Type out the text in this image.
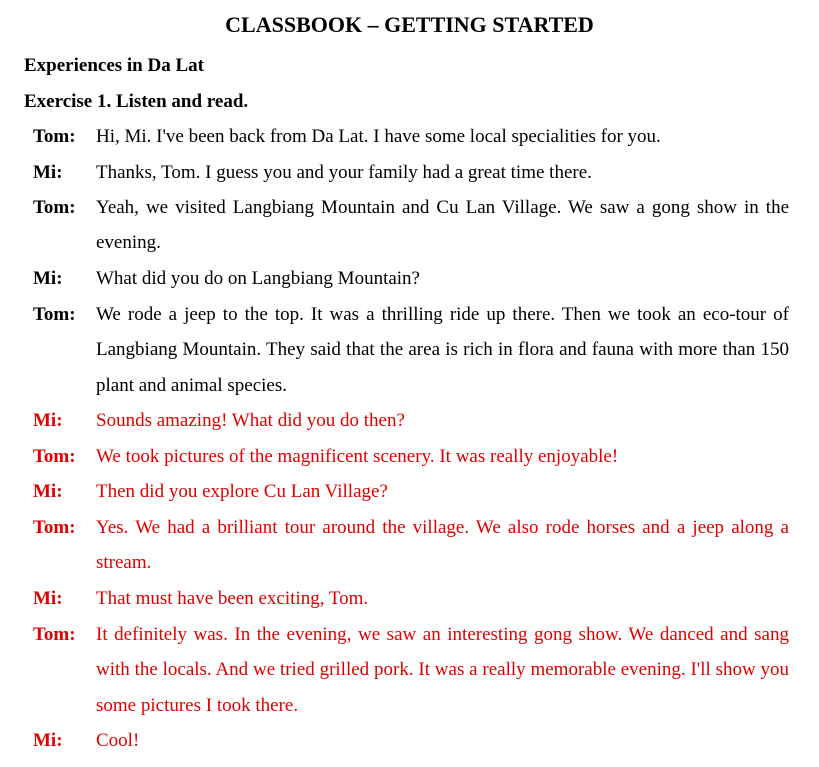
CLASSBOOK – GETTING STARTED
Experiences in Da Lat
Exercise 1. Listen and read.
Tom: Hi, Mi. I've been back from Da Lat. I have some local specialities for you.
Mi: Thanks, Tom. I guess you and your family had a great time there.
Tom: Yeah, we visited Langbiang Mountain and Cu Lan Village. We saw a gong show in the evening.
Mi: What did you do on Langbiang Mountain?
Tom: We rode a jeep to the top. It was a thrilling ride up there. Then we took an eco-tour of Langbiang Mountain. They said that the area is rich in flora and fauna with more than 150 plant and animal species.
Mi: Sounds amazing! What did you do then?
Tom: We took pictures of the magnificent scenery. It was really enjoyable!
Mi: Then did you explore Cu Lan Village?
Tom: Yes. We had a brilliant tour around the village. We also rode horses and a jeep along a stream.
Mi: That must have been exciting, Tom.
Tom: It definitely was. In the evening, we saw an interesting gong show. We danced and sang with the locals. And we tried grilled pork. It was a really memorable evening. I'll show you some pictures I took there.
Mi: Cool!
